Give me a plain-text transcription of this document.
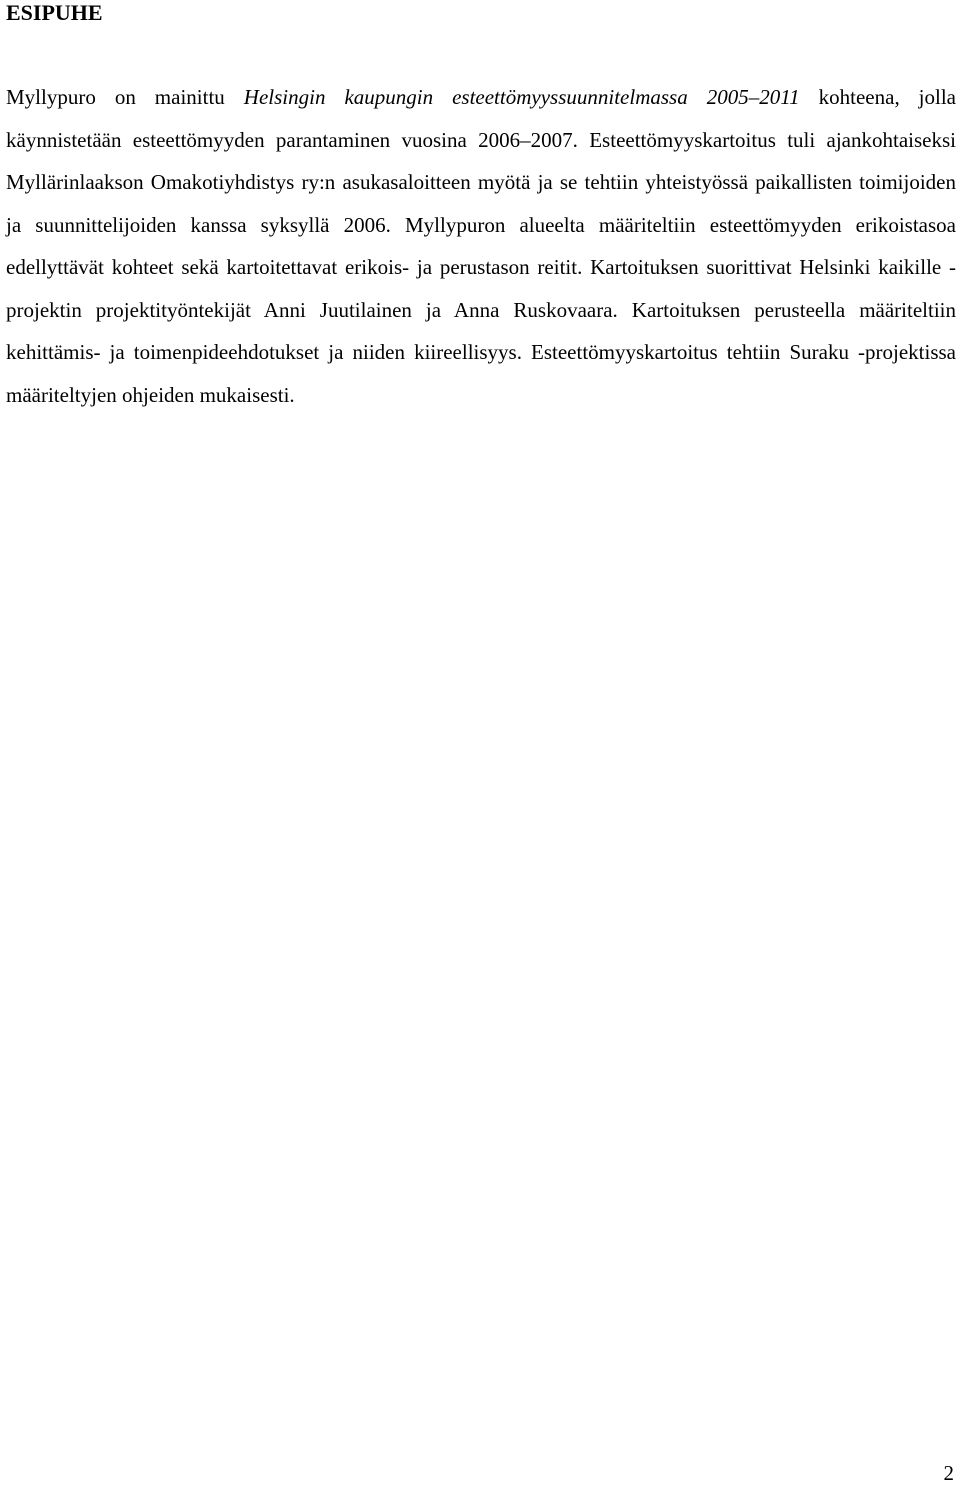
ESIPUHE

Myllypuro on mainittu Helsingin kaupungin esteettömyyssuunnitelmassa 2005–2011 kohteena, jolla käynnistetään esteettömyyden parantaminen vuosina 2006–2007. Esteettömyyskartoitus tuli ajankohtaiseksi Myllärinlaakson Omakotiyhdistys ry:n asukasaloitteen myötä ja se tehtiin yhteistyössä paikallisten toimijoiden ja suunnittelijoiden kanssa syksyllä 2006. Myllypuron alueelta määriteltiin esteettömyyden erikoistasoa edellyttävät kohteet sekä kartoitettavat erikois- ja perustason reitit. Kartoituksen suorittivat Helsinki kaikille -projektin projektityöntekijät Anni Juutilainen ja Anna Ruskovaara. Kartoituksen perusteella määriteltiin kehittämis- ja toimenpideehdotukset ja niiden kiireellisyys. Esteettömyyskartoitus tehtiin Suraku -projektissa määriteltyjen ohjeiden mukaisesti.

2
